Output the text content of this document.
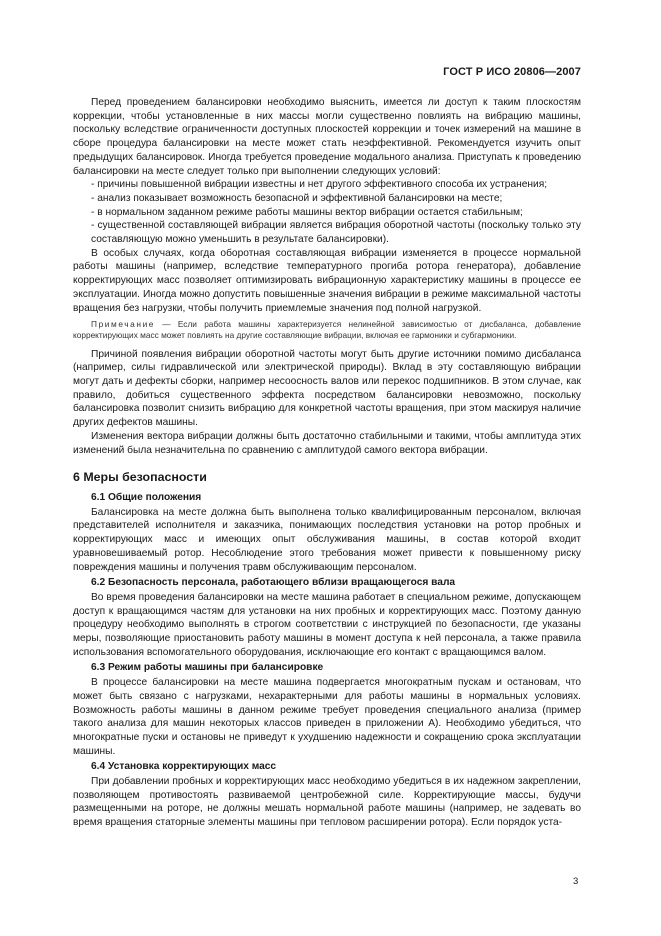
ГОСТ Р ИСО 20806—2007

Перед проведением балансировки необходимо выяснить, имеется ли доступ к таким плоскостям коррекции, чтобы установленные в них массы могли существенно повлиять на вибрацию машины, поскольку вследствие ограниченности доступных плоскостей коррекции и точек измерений на машине в сборе процедура балансировки на месте может стать неэффективной. Рекомендуется изучить опыт предыдущих балансировок. Иногда требуется проведение модального анализа. Приступать к проведению балансировки на месте следует только при выполнении следующих условий:

- причины повышенной вибрации известны и нет другого эффективного способа их устранения;
- анализ показывает возможность безопасной и эффективной балансировки на месте;
- в нормальном заданном режиме работы машины вектор вибрации остается стабильным;
- существенной составляющей вибрации является вибрация оборотной частоты (поскольку только эту составляющую можно уменьшить в результате балансировки).

В особых случаях, когда оборотная составляющая вибрации изменяется в процессе нормальной работы машины (например, вследствие температурного прогиба ротора генератора), добавление корректирующих масс позволяет оптимизировать вибрационную характеристику машины в процессе ее эксплуатации. Иногда можно допустить повышенные значения вибрации в режиме максимальной частоты вращения без нагрузки, чтобы получить приемлемые значения под полной нагрузкой.

Примечание — Если работа машины характеризуется нелинейной зависимостью от дисбаланса, добавление корректирующих масс может повлиять на другие составляющие вибрации, включая ее гармоники и субгармоники.

Причиной появления вибрации оборотной частоты могут быть другие источники помимо дисбаланса (например, силы гидравлической или электрической природы). Вклад в эту составляющую вибрации могут дать и дефекты сборки, например несоосность валов или перекос подшипников. В этом случае, как правило, добиться существенного эффекта посредством балансировки невозможно, поскольку балансировка позволит снизить вибрацию для конкретной частоты вращения, при этом маскируя наличие других дефектов машины.

Изменения вектора вибрации должны быть достаточно стабильными и такими, чтобы амплитуда этих изменений была незначительна по сравнению с амплитудой самого вектора вибрации.

6 Меры безопасности
6.1 Общие положения

Балансировка на месте должна быть выполнена только квалифицированным персоналом, включая представителей исполнителя и заказчика, понимающих последствия установки на ротор пробных и корректирующих масс и имеющих опыт обслуживания машины, в состав которой входит уравновешиваемый ротор. Несоблюдение этого требования может привести к повышенному риску повреждения машины и получения травм обслуживающим персоналом.

6.2 Безопасность персонала, работающего вблизи вращающегося вала

Во время проведения балансировки на месте машина работает в специальном режиме, допускающем доступ к вращающимся частям для установки на них пробных и корректирующих масс. Поэтому данную процедуру необходимо выполнять в строгом соответствии с инструкцией по безопасности, где указаны меры, позволяющие приостановить работу машины в момент доступа к ней персонала, а также правила использования вспомогательного оборудования, исключающие его контакт с вращающимся валом.

6.3 Режим работы машины при балансировке

В процессе балансировки на месте машина подвергается многократным пускам и остановам, что может быть связано с нагрузками, нехарактерными для работы машины в нормальных условиях. Возможность работы машины в данном режиме требует проведения специального анализа (пример такого анализа для машин некоторых классов приведен в приложении А). Необходимо убедиться, что многократные пуски и остановы не приведут к ухудшению надежности и сокращению срока эксплуатации машины.

6.4 Установка корректирующих масс

При добавлении пробных и корректирующих масс необходимо убедиться в их надежном закреплении, позволяющем противостоять развиваемой центробежной силе. Корректирующие массы, будучи размещенными на роторе, не должны мешать нормальной работе машины (например, не задевать во время вращения статорные элементы машины при тепловом расширении ротора). Если порядок уста-

3
